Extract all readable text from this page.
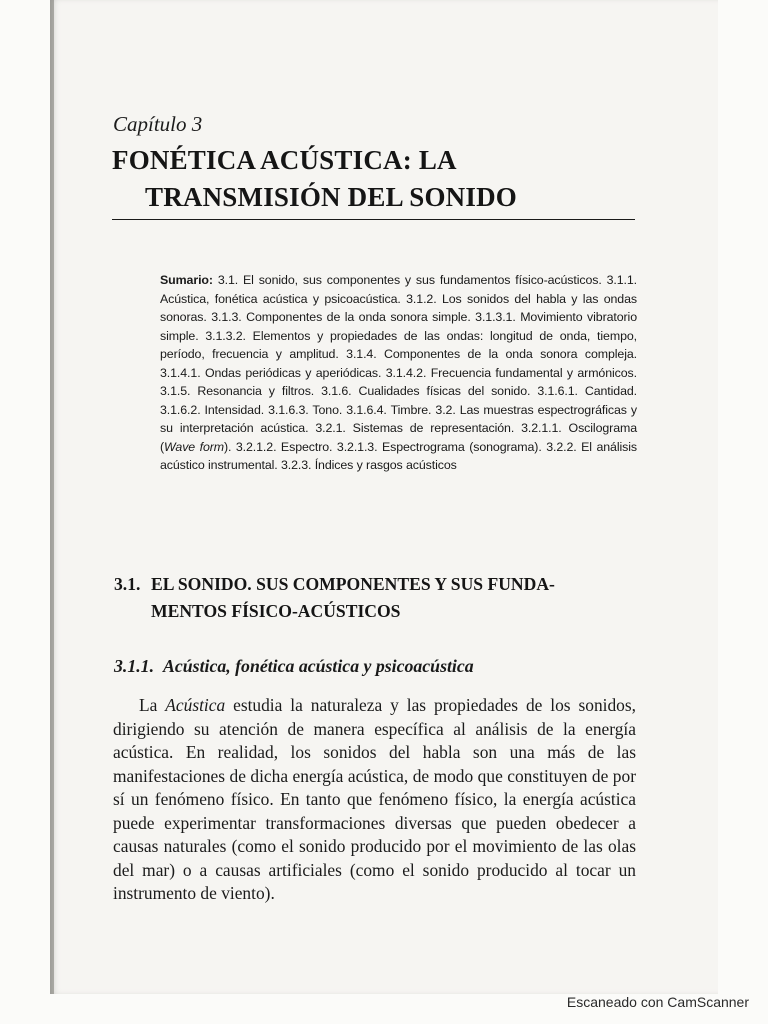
Capítulo 3
FONÉTICA ACÚSTICA: LA
TRANSMISIÓN DEL SONIDO
Sumario: 3.1. El sonido, sus componentes y sus fundamentos físico-acústicos. 3.1.1. Acústica, fonética acústica y psicoacústica. 3.1.2. Los sonidos del habla y las ondas sonoras. 3.1.3. Componentes de la onda sonora simple. 3.1.3.1. Movimiento vibratorio simple. 3.1.3.2. Elementos y propiedades de las ondas: longitud de onda, tiempo, período, frecuencia y amplitud. 3.1.4. Componentes de la onda sonora compleja. 3.1.4.1. Ondas periódicas y aperiódicas. 3.1.4.2. Frecuencia fundamental y armónicos. 3.1.5. Resonancia y filtros. 3.1.6. Cualidades físicas del sonido. 3.1.6.1. Cantidad. 3.1.6.2. Intensidad. 3.1.6.3. Tono. 3.1.6.4. Timbre. 3.2. Las muestras espectrográficas y su interpretación acústica. 3.2.1. Sistemas de representación. 3.2.1.1. Oscilograma (Wave form). 3.2.1.2. Espectro. 3.2.1.3. Espectrograma (sonograma). 3.2.2. El análisis acústico instrumental. 3.2.3. Índices y rasgos acústicos
3.1. EL SONIDO. SUS COMPONENTES Y SUS FUNDA-
MENTOS FÍSICO-ACÚSTICOS
3.1.1. Acústica, fonética acústica y psicoacústica

La Acústica estudia la naturaleza y las propiedades de los sonidos, dirigiendo su atención de manera específica al análisis de la energía acústica. En realidad, los sonidos del habla son una más de las manifestaciones de dicha energía acústica, de modo que constituyen de por sí un fenómeno físico. En tanto que fenómeno físico, la energía acústica puede experimentar transformaciones diversas que pueden obedecer a causas naturales (como el sonido producido por el movimiento de las olas del mar) o a causas artificiales (como el sonido producido al tocar un instrumento de viento).

Escaneado con CamScanner
